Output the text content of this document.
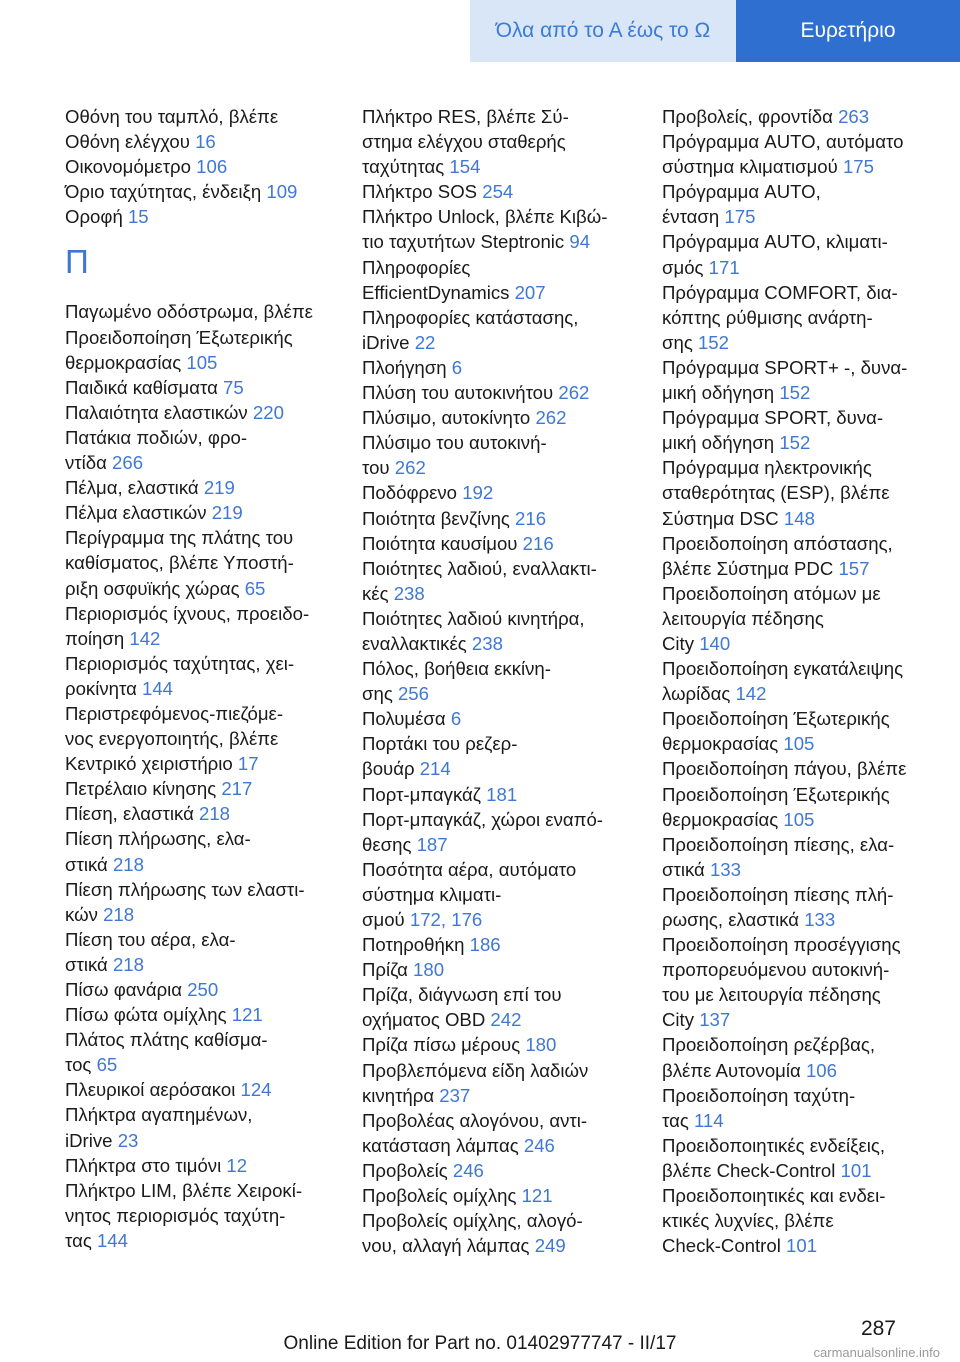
Όλα από το Α έως το Ω	Ευρετήριο
Οθόνη του ταμπλό, βλέπε
Οθόνη ελέγχου 16
Οικονομόμετρο 106
Όριο ταχύτητας, ένδειξη 109
Οροφή 15
Π
Παγωμένο οδόστρωμα, βλέπε
Προειδοποίηση Έξωτερικής
θερμοκρασίας 105
Παιδικά καθίσματα 75
Παλαιότητα ελαστικών 220
Πατάκια ποδιών, φρο-
ντίδα 266
Πέλμα, ελαστικά 219
Πέλμα ελαστικών 219
Περίγραμμα της πλάτης του
καθίσματος, βλέπε Υποστή-
ριξη οσφυϊκής χώρας 65
Περιορισμός ίχνους, προειδο-
ποίηση 142
Περιορισμός ταχύτητας, χει-
ροκίνητα 144
Περιστρεφόμενος-πιεζόμε-
νος ενεργοποιητής, βλέπε
Κεντρικό χειριστήριο 17
Πετρέλαιο κίνησης 217
Πίεση, ελαστικά 218
Πίεση πλήρωσης, ελα-
στικά 218
Πίεση πλήρωσης των ελαστι-
κών 218
Πίεση του αέρα, ελα-
στικά 218
Πίσω φανάρια 250
Πίσω φώτα ομίχλης 121
Πλάτος πλάτης καθίσμα-
τος 65
Πλευρικοί αερόσακοι 124
Πλήκτρα αγαπημένων,
iDrive 23
Πλήκτρα στο τιμόνι 12
Πλήκτρο LIM, βλέπε Χειροκί-
νητος περιορισμός ταχύτη-
τας 144
Πλήκτρο RES, βλέπε Σύ-
στημα ελέγχου σταθερής
ταχύτητας 154
Πλήκτρο SOS 254
Πλήκτρο Unlock, βλέπε Κιβώ-
τιο ταχυτήτων Steptronic 94
Πληροφορίες
EfficientDynamics 207
Πληροφορίες κατάστασης,
iDrive 22
Πλοήγηση 6
Πλύση του αυτοκινήτου 262
Πλύσιμο, αυτοκίνητο 262
Πλύσιμο του αυτοκινή-
του 262
Ποδόφρενο 192
Ποιότητα βενζίνης 216
Ποιότητα καυσίμου 216
Ποιότητες λαδιού, εναλλακτι-
κές 238
Ποιότητες λαδιού κινητήρα,
εναλλακτικές 238
Πόλος, βοήθεια εκκίνη-
σης 256
Πολυμέσα 6
Πορτάκι του ρεζερ-
βουάρ 214
Πορτ-μπαγκάζ 181
Πορτ-μπαγκάζ, χώροι εναπό-
θεσης 187
Ποσότητα αέρα, αυτόματο
σύστημα κλιματι-
σμού 172, 176
Ποτηροθήκη 186
Πρίζα 180
Πρίζα, διάγνωση επί του
οχήματος OBD 242
Πρίζα πίσω μέρους 180
Προβλεπόμενα είδη λαδιών
κινητήρα 237
Προβολέας αλογόνου, αντι-
κατάσταση λάμπας 246
Προβολείς 246
Προβολείς ομίχλης 121
Προβολείς ομίχλης, αλογό-
νου, αλλαγή λάμπας 249
Προβολείς, φροντίδα 263
Πρόγραμμα AUTO, αυτόματο
σύστημα κλιματισμού 175
Πρόγραμμα AUTO,
ένταση 175
Πρόγραμμα AUTO, κλιματι-
σμός 171
Πρόγραμμα COMFORT, δια-
κόπτης ρύθμισης ανάρτη-
σης 152
Πρόγραμμα SPORT+ -, δυνα-
μική οδήγηση 152
Πρόγραμμα SPORT, δυνα-
μική οδήγηση 152
Πρόγραμμα ηλεκτρονικής
σταθερότητας (ESP), βλέπε
Σύστημα DSC 148
Προειδοποίηση απόστασης,
βλέπε Σύστημα PDC 157
Προειδοποίηση ατόμων με
λειτουργία πέδησης
City 140
Προειδοποίηση εγκατάλειψης
λωρίδας 142
Προειδοποίηση Έξωτερικής
θερμοκρασίας 105
Προειδοποίηση πάγου, βλέπε
Προειδοποίηση Έξωτερικής
θερμοκρασίας 105
Προειδοποίηση πίεσης, ελα-
στικά 133
Προειδοποίηση πίεσης πλή-
ρωσης, ελαστικά 133
Προειδοποίηση προσέγγισης
προπορευόμενου αυτοκινή-
του με λειτουργία πέδησης
City 137
Προειδοποίηση ρεζέρβας,
βλέπε Αυτονομία 106
Προειδοποίηση ταχύτη-
τας 114
Προειδοποιητικές ενδείξεις,
βλέπε Check-Control 101
Προειδοποιητικές και ενδει-
κτικές λυχνίες, βλέπε
Check-Control 101
287
Online Edition for Part no. 01402977747 - II/17	carmanualsonline.info
